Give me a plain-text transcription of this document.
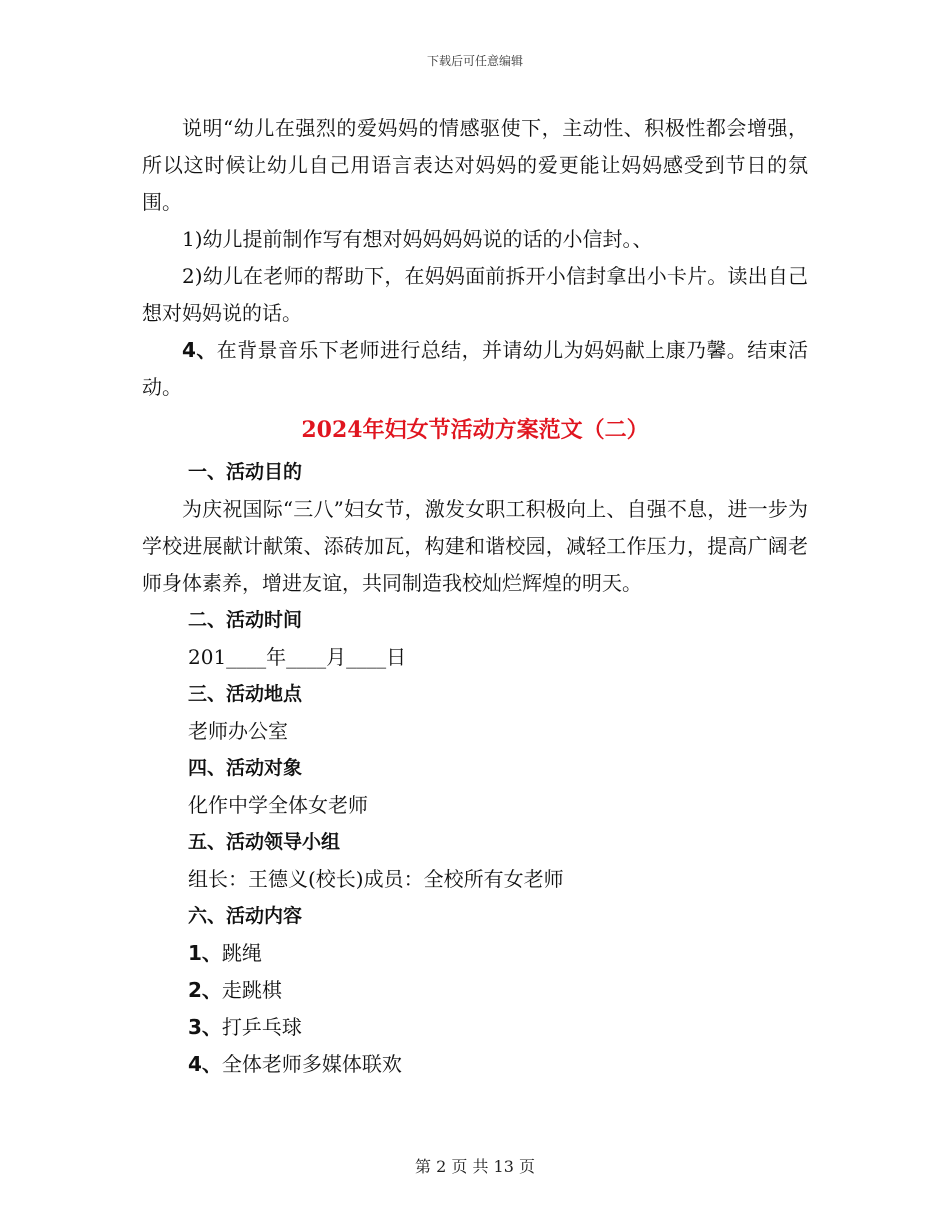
下载后可任意编辑

说明“幼儿在强烈的爱妈妈的情感驱使下，主动性、积极性都会增强，所以这时候让幼儿自己用语言表达对妈妈的爱更能让妈妈感受到节日的氛围。

1)幼儿提前制作写有想对妈妈妈妈说的话的小信封。、

2)幼儿在老师的帮助下，在妈妈面前拆开小信封拿出小卡片。读出自己想对妈妈说的话。

4、在背景音乐下老师进行总结，并请幼儿为妈妈献上康乃馨。结束活动。

2024年妇女节活动方案范文（二）

一、活动目的

为庆祝国际“三八”妇女节，激发女职工积极向上、自强不息，进一步为学校进展献计献策、添砖加瓦，构建和谐校园，减轻工作压力，提高广阔老师身体素养，增进友谊，共同制造我校灿烂辉煌的明天。

二、活动时间

201____年____月____日

三、活动地点

老师办公室

四、活动对象

化作中学全体女老师

五、活动领导小组

组长：王德义(校长)成员：全校所有女老师

六、活动内容

1、跳绳

2、走跳棋

3、打乒乓球

4、全体老师多媒体联欢

第 2 页 共 13 页
